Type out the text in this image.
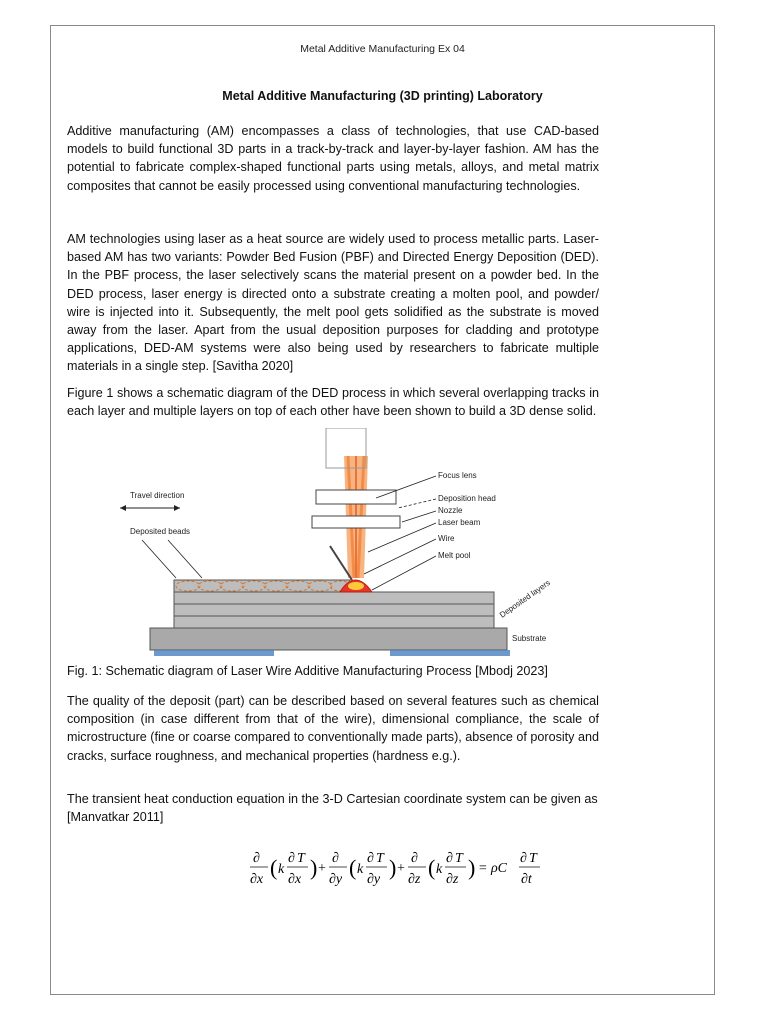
Metal Additive Manufacturing Ex 04
Metal Additive Manufacturing (3D printing) Laboratory

Additive manufacturing (AM) encompasses a class of technologies, that use CAD-based models to build functional 3D parts in a track-by-track and layer-by-layer fashion. AM has the potential to fabricate complex-shaped functional parts using metals, alloys, and metal matrix composites that cannot be easily processed using conventional manufacturing technologies.

AM technologies using laser as a heat source are widely used to process metallic parts. Laser-based AM has two variants: Powder Bed Fusion (PBF) and Directed Energy Deposition (DED). In the PBF process, the laser selectively scans the material present on a powder bed. In the DED process, laser energy is directed onto a substrate creating a molten pool, and powder/ wire is injected into it. Subsequently, the melt pool gets solidified as the substrate is moved away from the laser. Apart from the usual deposition purposes for cladding and prototype applications, DED-AM systems were also being used by researchers to fabricate multiple materials in a single step. [Savitha 2020]

Figure 1 shows a schematic diagram of the DED process in which several overlapping tracks in each layer and multiple layers on top of each other have been shown to build a 3D dense solid.

Travel direction
Deposited beads
Focus lens
Deposition head
Nozzle
Laser beam
Wire
Melt pool
Deposited layers
Substrate
Fig. 1: Schematic diagram of Laser Wire Additive Manufacturing Process [Mbodj 2023]

The quality of the deposit (part) can be described based on several features such as chemical composition (in case different from that of the wire), dimensional compliance, the scale of microstructure (fine or coarse compared to conventionally made parts), absence of porosity and cracks, surface roughness, and mechanical properties (hardness e.g.).

The transient heat conduction equation in the 3-D Cartesian coordinate system can be given as [Manvatkar 2011]

∂
∂x ( k
∂ T
∂x ) +
∂
∂y ( k
∂ T
∂y ) +
∂
∂z ( k
∂ T
∂z ) = ρC
∂ T
∂t
